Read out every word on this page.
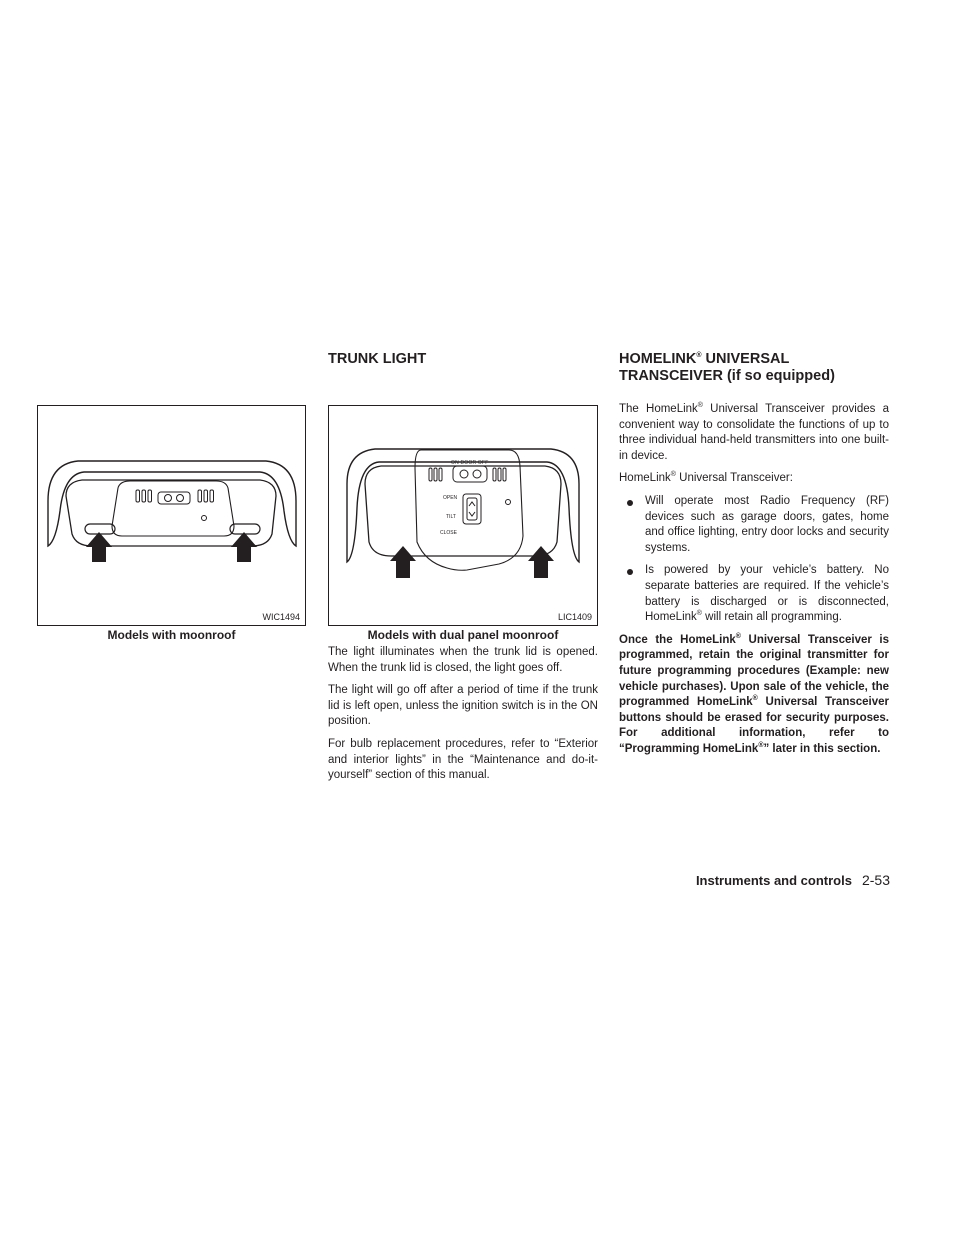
TRUNK LIGHT	HOMELINK® UNIVERSAL
TRANSCEIVER (if so equipped)
WIC1494
Models with moonroof
ON DOOR OFF
OPEN
TILT
CLOSE
LIC1409
Models with dual panel moonroof

The light illuminates when the trunk lid is opened. When the trunk lid is closed, the light goes off.

The light will go off after a period of time if the trunk lid is left open, unless the ignition switch is in the ON position.

For bulb replacement procedures, refer to “Exterior and interior lights” in the “Maintenance and do-it-yourself” section of this manual.

The HomeLink® Universal Transceiver provides a convenient way to consolidate the functions of up to three individual hand-held transmitters into one built-in device.

HomeLink® Universal Transceiver:

Will operate most Radio Frequency (RF) devices such as garage doors, gates, home and office lighting, entry door locks and security systems.
Is powered by your vehicle’s battery. No separate batteries are required. If the vehicle’s battery is discharged or is disconnected, HomeLink® will retain all programming.

Once the HomeLink® Universal Transceiver is programmed, retain the original transmitter for future programming procedures (Example: new vehicle purchases). Upon sale of the vehicle, the programmed HomeLink® Universal Transceiver buttons should be erased for security purposes. For additional information, refer to “Programming HomeLink®” later in this section.

Instruments and controls 2-53
